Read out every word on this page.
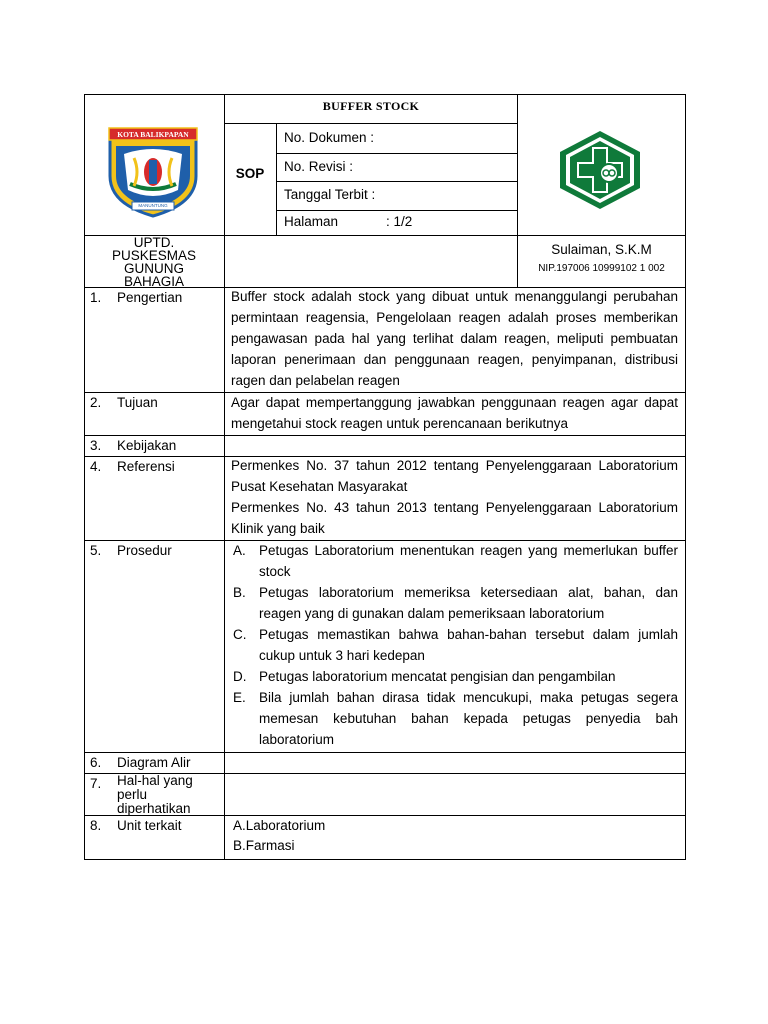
KOTA BALIKPAPAN
MANUNTUNG
BUFFER STOCK
SOP
No. Dokumen :
No. Revisi :
Tanggal Terbit :
Halaman	: 1/2
UPTD.
PUSKESMAS
GUNUNG
BAHAGIA
Sulaiman, S.K.M
NIP.197006 10999102 1 002
1. Pengertian	Buffer stock adalah stock yang dibuat untuk menanggulangi perubahan permintaan reagensia, Pengelolaan reagen adalah proses memberikan pengawasan pada hal yang terlihat dalam reagen, meliputi pembuatan laporan penerimaan dan penggunaan reagen, penyimpanan, distribusi ragen dan pelabelan reagen
2. Tujuan	Agar dapat mempertanggung jawabkan penggunaan reagen agar dapat mengetahui stock reagen untuk perencanaan berikutnya
3. Kebijakan
4. Referensi	Permenkes No. 37 tahun 2012 tentang Penyelenggaraan Laboratorium Pusat Kesehatan Masyarakat
Permenkes No. 43 tahun 2013 tentang Penyelenggaraan Laboratorium Klinik yang baik
5. Prosedur	A. Petugas Laboratorium menentukan reagen yang memerlukan buffer stock
B. Petugas laboratorium memeriksa ketersediaan alat, bahan, dan reagen yang di gunakan dalam pemeriksaan laboratorium
C. Petugas memastikan bahwa bahan-bahan tersebut dalam jumlah cukup untuk 3 hari kedepan
D. Petugas laboratorium mencatat pengisian dan pengambilan
E. Bila jumlah bahan dirasa tidak mencukupi, maka petugas segera memesan kebutuhan bahan kepada petugas penyedia bah laboratorium
6. Diagram Alir
7. Hal-hal yang perlu diperhatikan
8. Unit terkait	A.Laboratorium
B.Farmasi
